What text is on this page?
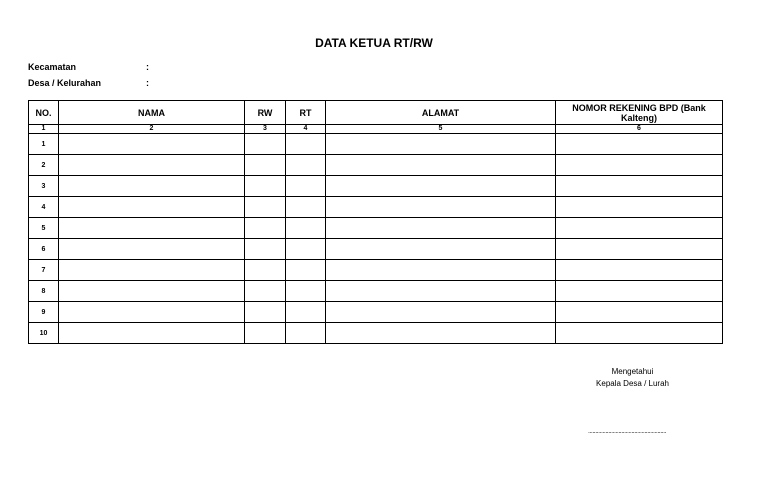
DATA KETUA RT/RW
Kecamatan	:
Desa / Kelurahan	:
NO.	NAMA	RW	RT	ALAMAT	NOMOR REKENING BPD (Bank Kalteng)
1	2	3	4	5	6
1					
2					
3					
4					
5					
6					
7					
8					
9					
10					
Mengetahui
Kepala Desa / Lurah
......................................................
